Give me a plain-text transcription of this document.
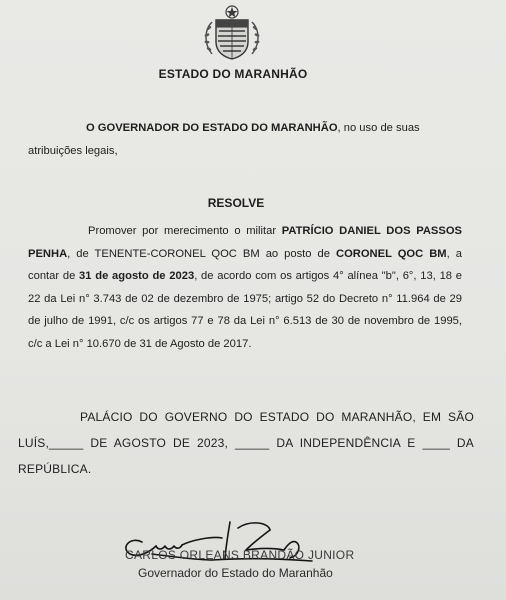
ESTADO DO MARANHÃO

O GOVERNADOR DO ESTADO DO MARANHÃO, no uso de suas atribuições legais,

RESOLVE

Promover por merecimento o militar PATRÍCIO DANIEL DOS PASSOS PENHA, de TENENTE-CORONEL QOC BM ao posto de CORONEL QOC BM, a contar de 31 de agosto de 2023, de acordo com os artigos 4° alínea "b", 6°, 13, 18 e 22 da Lei n° 3.743 de 02 de dezembro de 1975; artigo 52 do Decreto n° 11.964 de 29 de julho de 1991, c/c os artigos 77 e 78 da Lei n° 6.513 de 30 de novembro de 1995, c/c a Lei n° 10.670 de 31 de Agosto de 2017.

PALÁCIO DO GOVERNO DO ESTADO DO MARANHÃO, EM SÃO LUÍS,_____ DE AGOSTO DE 2023, _____ DA INDEPENDÊNCIA E ____ DA REPÚBLICA.

CARLOS ORLEANS BRANDÃO JUNIOR
Governador do Estado do Maranhão
